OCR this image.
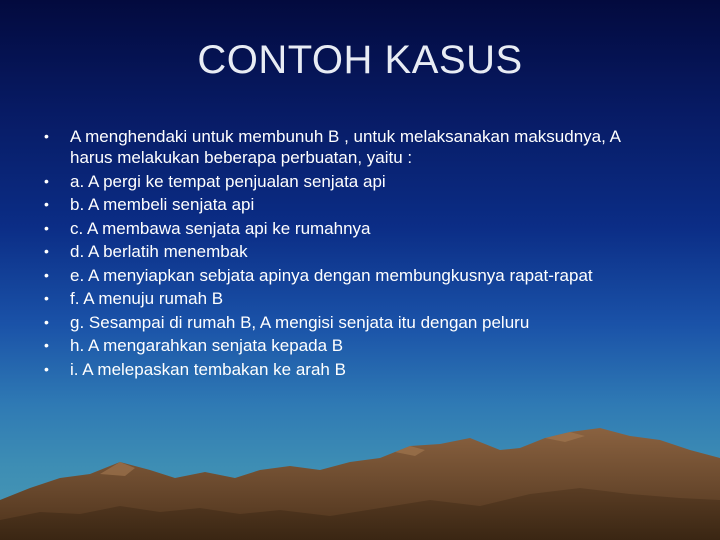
CONTOH KASUS
• A menghendaki untuk membunuh B , untuk melaksanakan maksudnya, A harus melakukan beberapa perbuatan, yaitu :
• a. A pergi ke tempat penjualan senjata api
• b. A membeli senjata api
• c. A membawa senjata api ke rumahnya
• d. A berlatih menembak
• e. A menyiapkan sebjata apinya dengan membungkusnya rapat-rapat
• f. A menuju rumah B
• g. Sesampai di rumah B, A mengisi senjata itu dengan peluru
• h. A mengarahkan senjata kepada B
• i. A melepaskan tembakan ke arah B
